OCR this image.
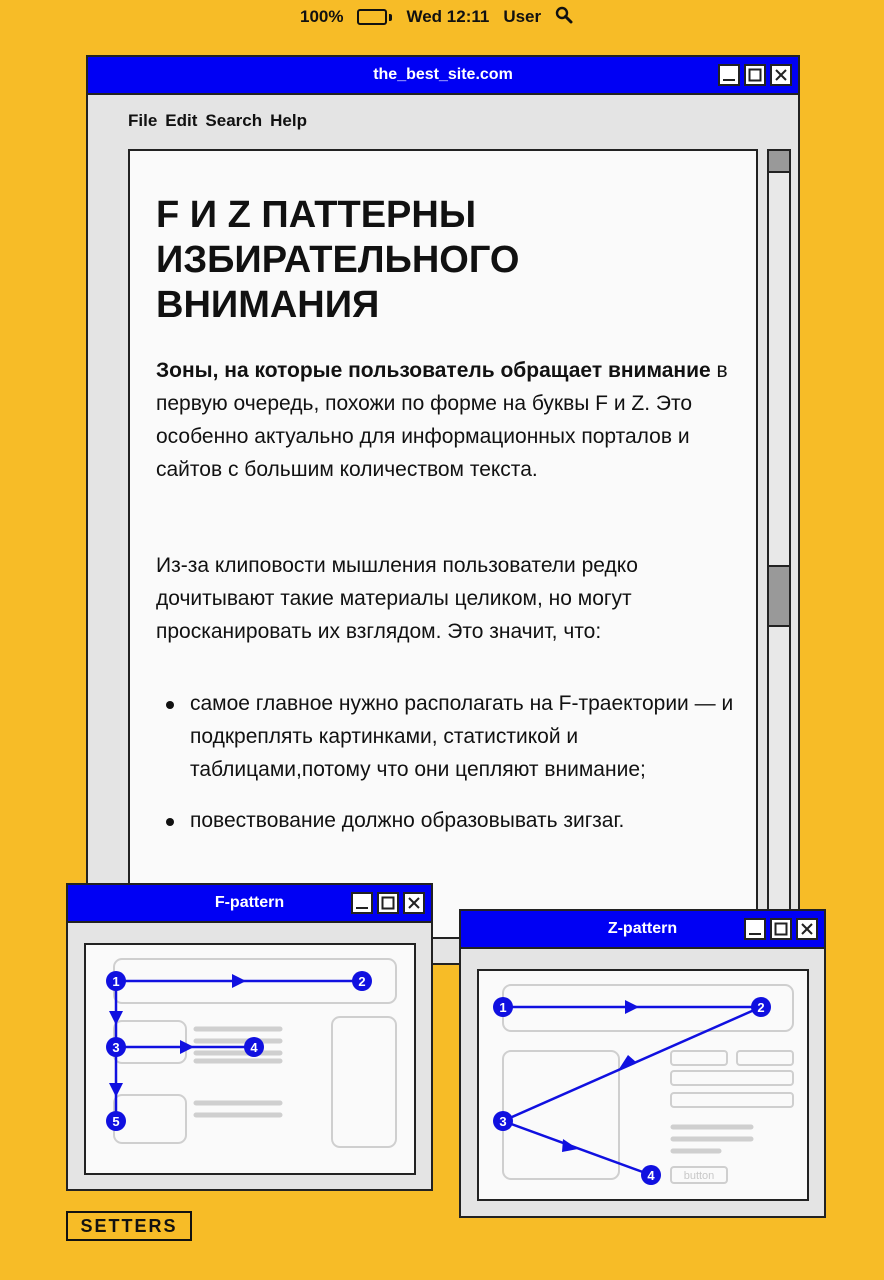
100%	Wed 12:11 User
the_best_site.com
File Edit Search Help
F И Z ПАТТЕРНЫ
ИЗБИРАТЕЛЬНОГО
ВНИМАНИЯ

Зоны, на которые пользователь обращает внимание в первую очередь, похожи по форме на буквы F и Z. Это особенно актуально для информационных порталов и сайтов с большим количеством текста.

Из-за клиповости мышления пользователи редко дочитывают такие материалы целиком, но могут просканировать их взглядом. Это значит, что:

самое главное нужно располагать на F-траектории — и подкреплять картинками, статистикой и таблицами,потому что они цепляют внимание;
повествование должно образовывать зигзаг.
F-pattern
1	2
3	4
5
Z-pattern
button
1	2
3
4
SETTERS
